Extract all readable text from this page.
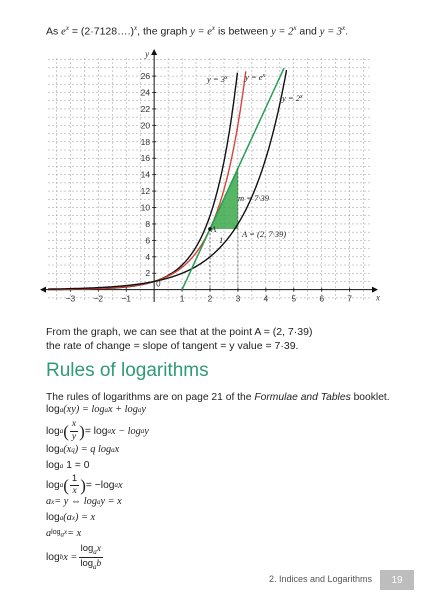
As $e^x$ = (2·7128….)$^x$, the graph $y = e^x$ is between $y = 2^x$ and $y = 3^x$.
−3 −2 −1	1	2	3	4	5	6	7
2
4
6
8
10
12
14
16
18
20
22
24
26
x
y
0
$y = 3^x$ $y = e^x$
$y = 2^x$
m = 7·39
A	A = (2, 7·39)
1
From the graph, we can see that at the point A = (2, 7·39)
the rate of change = slope of tangent = y value = 7·39.
Rules of logarithms
The rules of logarithms are on page 21 of the Formulae and Tables booklet.
log a (xy) = log a x + log a y
log a ( $\frac{x}{y}$ ) = log a x − log a y
log a (x q ) = q log a x
log a 1 = 0
log a ( $\frac{1}{x}$ ) = −log a x
a x = y ⇔ log a y = x
log a (a x ) = x
a $\log_ax = x$
log b $x = \frac{\log_ax}{\log_ab}$
2. Indices and Logarithms	19
